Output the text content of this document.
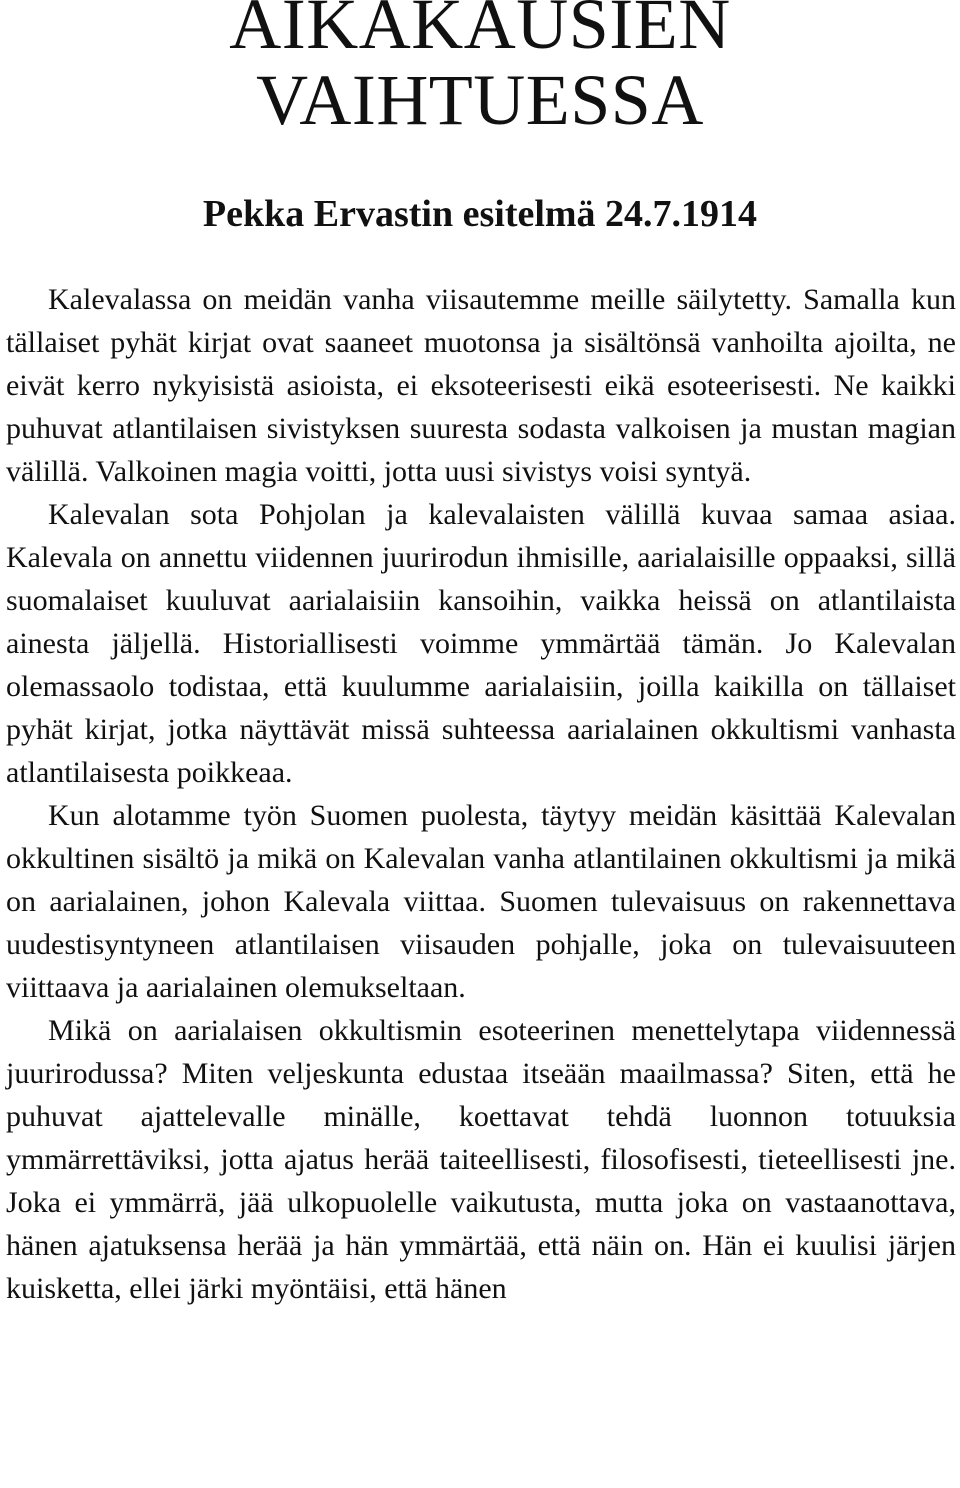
AIKAKAUSIEN
VAIHTUESSA
Pekka Ervastin esitelmä 24.7.1914

Kalevalassa on meidän vanha viisautemme meille säilytetty. Samalla kun tällaiset pyhät kirjat ovat saaneet muotonsa ja sisältönsä vanhoilta ajoilta, ne eivät kerro nykyisistä asioista, ei eksoteerisesti eikä esoteerisesti. Ne kaikki puhuvat atlantilaisen sivistyksen suuresta sodasta valkoisen ja mustan magian välillä. Valkoinen magia voitti, jotta uusi sivistys voisi syntyä.

Kalevalan sota Pohjolan ja kalevalaisten välillä kuvaa samaa asiaa. Kalevala on annettu viidennen juurirodun ihmisille, aarialaisille oppaaksi, sillä suomalaiset kuuluvat aarialaisiin kansoihin, vaikka heissä on atlantilaista ainesta jäljellä. Historiallisesti voimme ymmärtää tämän. Jo Kalevalan olemassaolo todistaa, että kuulumme aarialaisiin, joilla kaikilla on tällaiset pyhät kirjat, jotka näyttävät missä suhteessa aarialainen okkultismi vanhasta atlantilaisesta poikkeaa.

Kun alotamme työn Suomen puolesta, täytyy meidän käsittää Kalevalan okkultinen sisältö ja mikä on Kalevalan vanha atlantilainen okkultismi ja mikä on aarialainen, johon Kalevala viittaa. Suomen tulevaisuus on rakennettava uudestisyntyneen atlantilaisen viisauden pohjalle, joka on tulevaisuuteen viittaava ja aarialainen olemukseltaan.

Mikä on aarialaisen okkultismin esoteerinen menettelytapa viidennessä juurirodussa? Miten veljeskunta edustaa itseään maailmassa? Siten, että he puhuvat ajattelevalle minälle, koettavat tehdä luonnon totuuksia ymmärrettäviksi, jotta ajatus herää taiteellisesti, filosofisesti, tieteellisesti jne. Joka ei ymmärrä, jää ulkopuolelle vaikutusta, mutta joka on vastaanottava, hänen ajatuksensa herää ja hän ymmärtää, että näin on. Hän ei kuulisi järjen kuisketta, ellei järki myöntäisi, että hänen
